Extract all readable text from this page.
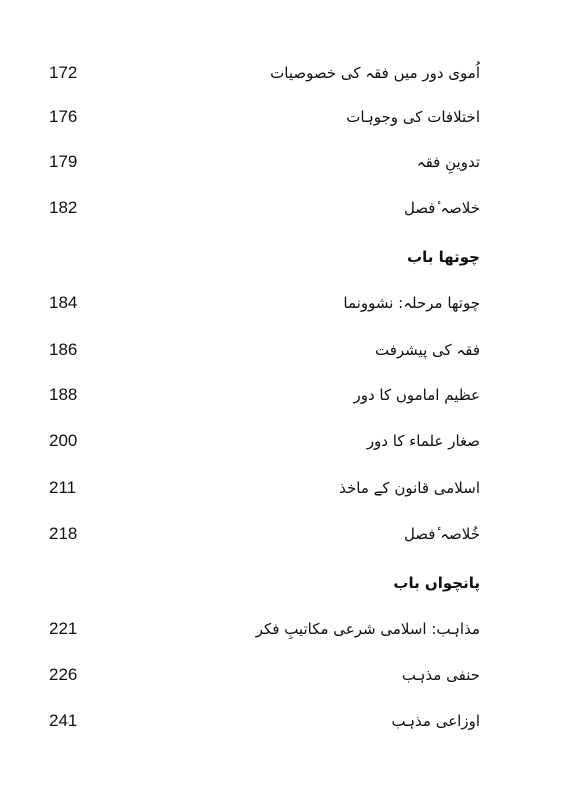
172	اُموی دور میں فقہ کی خصوصیات
176	اختلافات کی وجوہات
179	تدوینِ فقہ
182	خلاصہ ٔفصل
چوتھا باب
184	چوتھا مرحلہ: نشوونما
186	فقہ کی پیشرفت
188	عظیم اماموں کا دور
200	صغار علماء کا دور
211	اسلامی قانون کے ماخذ
218	خُلاصہ ٔفصل
پانچواں باب
221	مذاہب: اسلامی شرعی مکاتیبِ فکر
226	حنفی مذہب
241	اوزاعی مذہب
